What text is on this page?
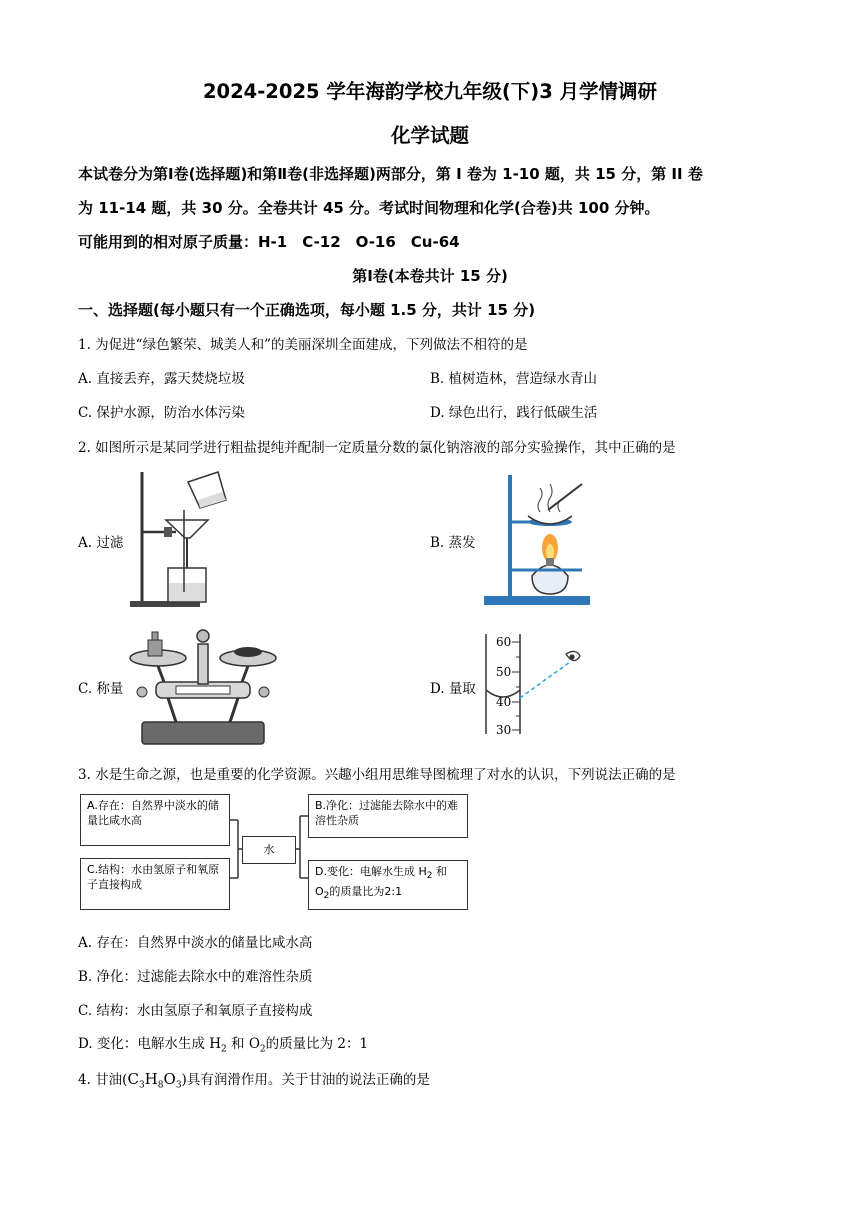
2024-2025 学年海韵学校九年级(下)3 月学情调研
化学试题
本试卷分为第Ⅰ卷(选择题)和第Ⅱ卷(非选择题)两部分，第 I 卷为 1-10 题，共 15 分，第 II 卷
为 11-14 题，共 30 分。全卷共计 45 分。考试时间物理和化学(合卷)共 100 分钟。
可能用到的相对原子质量：H-1　C-12　O-16　Cu-64
第Ⅰ卷(本卷共计 15 分)
一、选择题(每小题只有一个正确选项，每小题 1.5 分，共计 15 分)
1. 为促进“绿色繁荣、城美人和”的美丽深圳全面建成，下列做法不相符的是
A. 直接丢弃，露天焚烧垃圾	B. 植树造林，营造绿水青山
C. 保护水源，防治水体污染	D. 绿色出行，践行低碳生活
2. 如图所示是某同学进行粗盐提纯并配制一定质量分数的氯化钠溶液的部分实验操作，其中正确的是
A. 过滤	B. 蒸发
C. 称量	D. 量取
60
50
40
30
3. 水是生命之源，也是重要的化学资源。兴趣小组用思维导图梳理了对水的认识，下列说法正确的是
A.存在：自然界中淡水的储量比咸水高
水
B.净化：过滤能去除水中的难溶性杂质
C.结构：水由氢原子和氧原子直接构成
D.变化：电解水生成 $H_2$ 和 $O_2$的质量比为2:1
A. 存在：自然界中淡水的储量比咸水高
B. 净化：过滤能去除水中的难溶性杂质
C. 结构：水由氢原子和氧原子直接构成
D. 变化：电解水生成 $H_2$ 和 $O_2$的质量比为 2：1
4. 甘油$(C_3H_8O_3)$具有润滑作用。关于甘油的说法正确的是
